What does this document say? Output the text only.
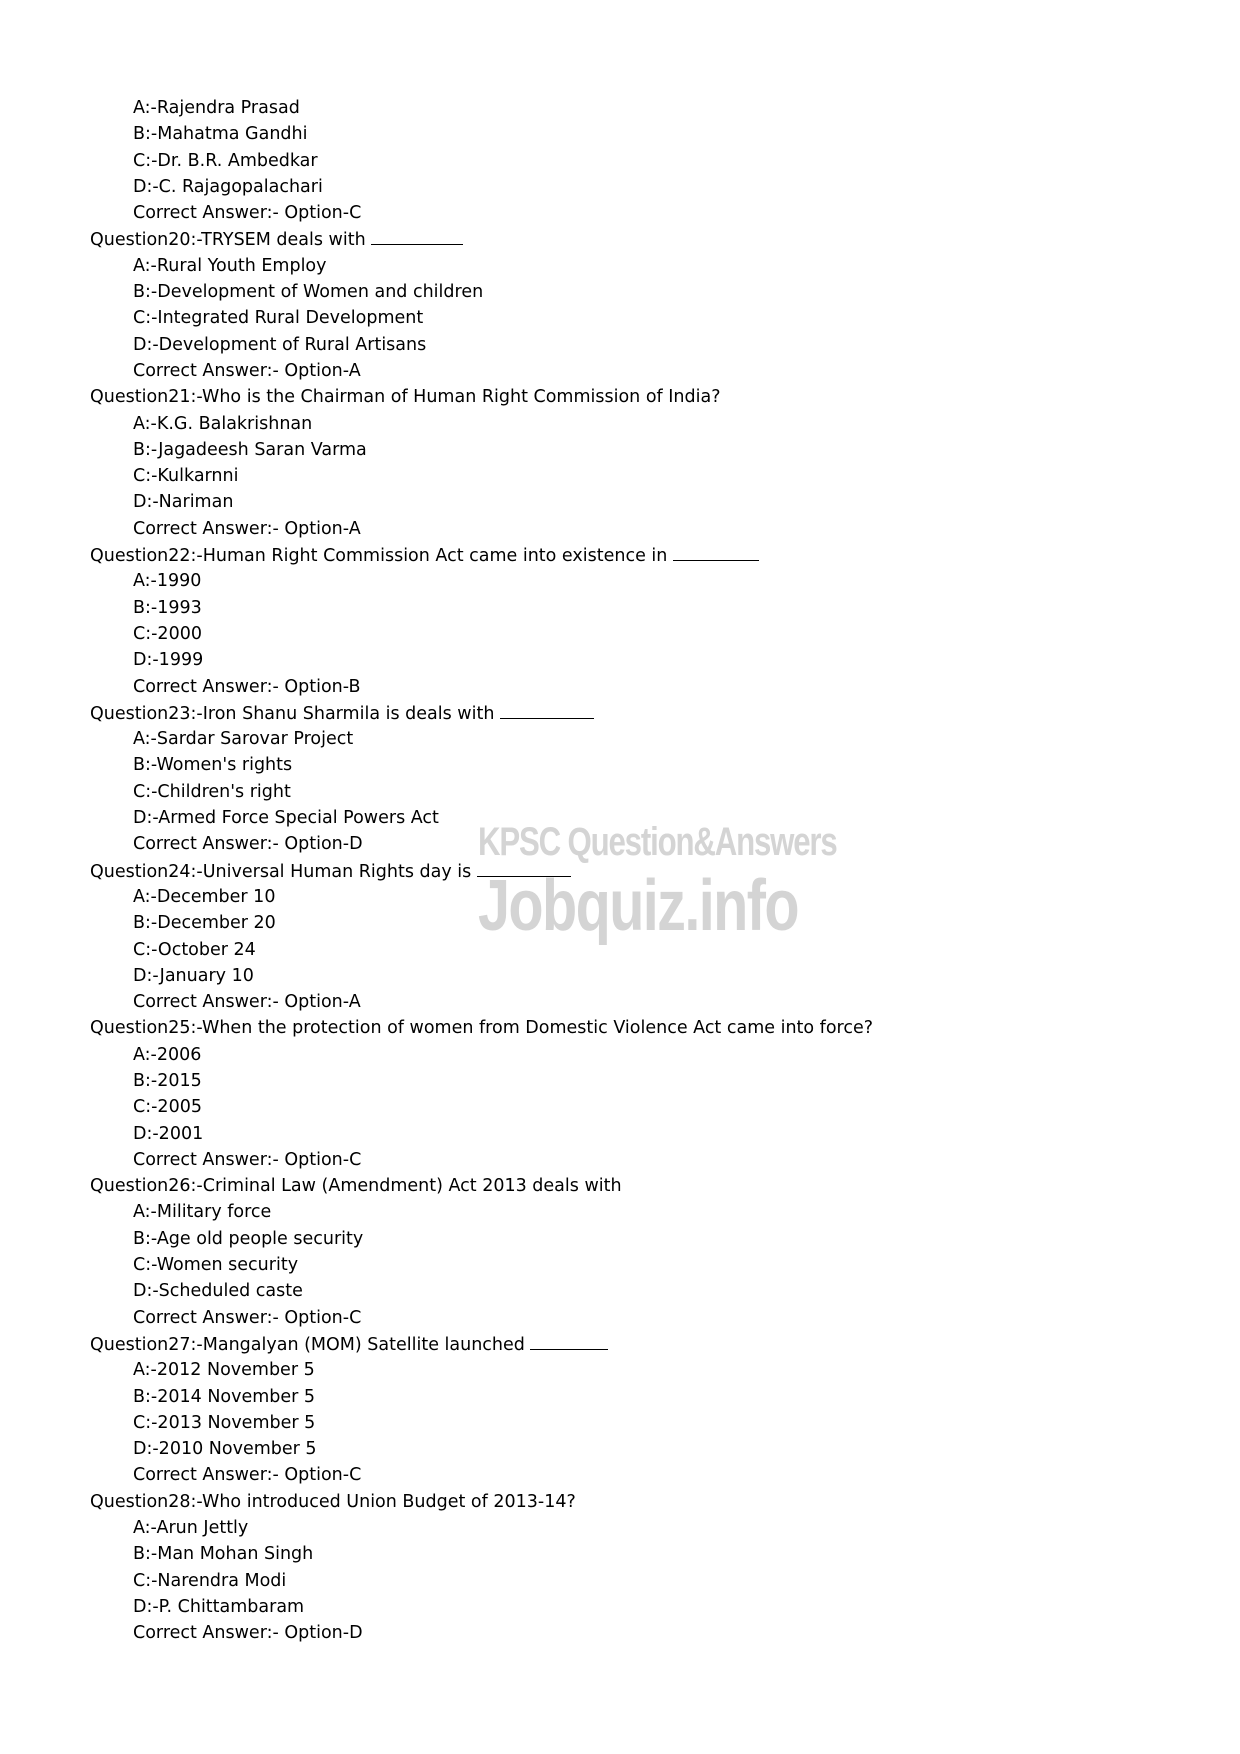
A:-Rajendra Prasad
B:-Mahatma Gandhi
C:-Dr. B.R. Ambedkar
D:-C. Rajagopalachari
Correct Answer:- Option-C
Question20:-TRYSEM deals with
A:-Rural Youth Employ
B:-Development of Women and children
C:-Integrated Rural Development
D:-Development of Rural Artisans
Correct Answer:- Option-A
Question21:-Who is the Chairman of Human Right Commission of India?
A:-K.G. Balakrishnan
B:-Jagadeesh Saran Varma
C:-Kulkarnni
D:-Nariman
Correct Answer:- Option-A
Question22:-Human Right Commission Act came into existence in
A:-1990
B:-1993
C:-2000
D:-1999
Correct Answer:- Option-B
Question23:-Iron Shanu Sharmila is deals with
A:-Sardar Sarovar Project
B:-Women's rights
C:-Children's right
D:-Armed Force Special Powers Act
Correct Answer:- Option-D
Question24:-Universal Human Rights day is
A:-December 10
B:-December 20
C:-October 24
D:-January 10
Correct Answer:- Option-A
Question25:-When the protection of women from Domestic Violence Act came into force?
A:-2006
B:-2015
C:-2005
D:-2001
Correct Answer:- Option-C
Question26:-Criminal Law (Amendment) Act 2013 deals with
A:-Military force
B:-Age old people security
C:-Women security
D:-Scheduled caste
Correct Answer:- Option-C
Question27:-Mangalyan (MOM) Satellite launched
A:-2012 November 5
B:-2014 November 5
C:-2013 November 5
D:-2010 November 5
Correct Answer:- Option-C
Question28:-Who introduced Union Budget of 2013-14?
A:-Arun Jettly
B:-Man Mohan Singh
C:-Narendra Modi
D:-P. Chittambaram
Correct Answer:- Option-D
KPSC Question&Answers
Jobquiz.info
